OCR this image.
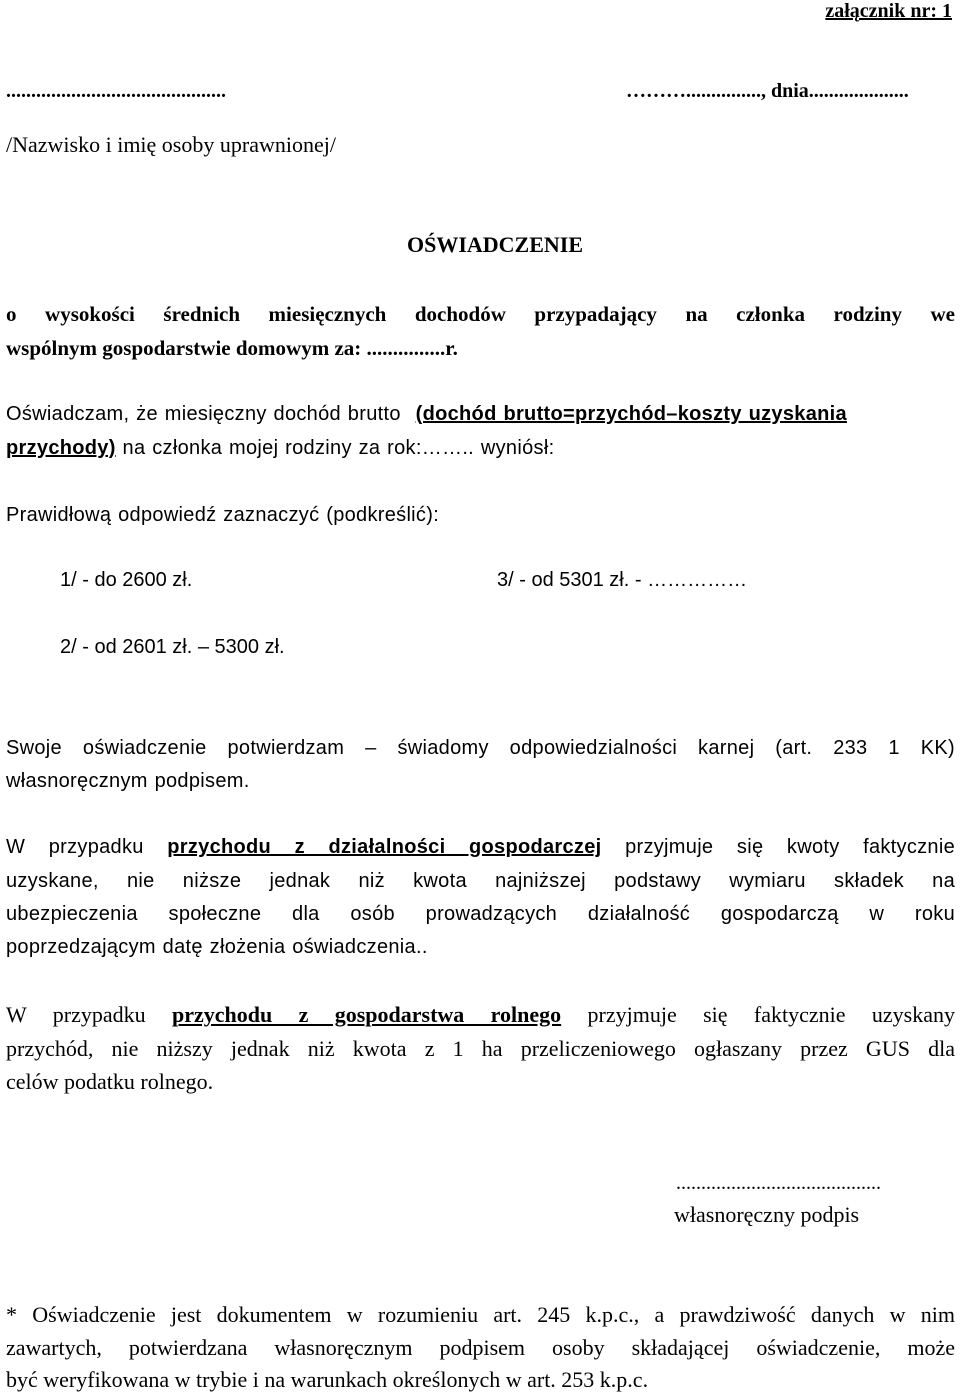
załącznik nr: 1
............................................	………..............., dnia....................
/Nazwisko i imię osoby uprawnionej/
OŚWIADCZENIE
o wysokości średnich miesięcznych dochodów przypadający na członka rodziny we
wspólnym gospodarstwie domowym za: ...............r.
Oświadczam, że miesięczny dochód brutto (dochód brutto=przychód–koszty uzyskania
przychody) na członka mojej rodziny za rok:…….. wyniósł:
Prawidłową odpowiedź zaznaczyć (podkreślić):
1/ - do 2600 zł.	3/ - od 5301 zł. - ……………
2/ - od 2601 zł. – 5300 zł.
Swoje oświadczenie potwierdzam – świadomy odpowiedzialności karnej (art. 233 1 KK)
własnoręcznym podpisem.
W przypadku przychodu z działalności gospodarczej przyjmuje się kwoty faktycznie
uzyskane, nie niższe jednak niż kwota najniższej podstawy wymiaru składek na
ubezpieczenia społeczne dla osób prowadzących działalność gospodarczą w roku
poprzedzającym datę złożenia oświadczenia..
W przypadku przychodu z gospodarstwa rolnego przyjmuje się faktycznie uzyskany
przychód, nie niższy jednak niż kwota z 1 ha przeliczeniowego ogłaszany przez GUS dla
celów podatku rolnego.
.........................................
własnoręczny podpis
* Oświadczenie jest dokumentem w rozumieniu art. 245 k.p.c., a prawdziwość danych w nim
zawartych, potwierdzana własnoręcznym podpisem osoby składającej oświadczenie, może
być weryfikowana w trybie i na warunkach określonych w art. 253 k.p.c.
